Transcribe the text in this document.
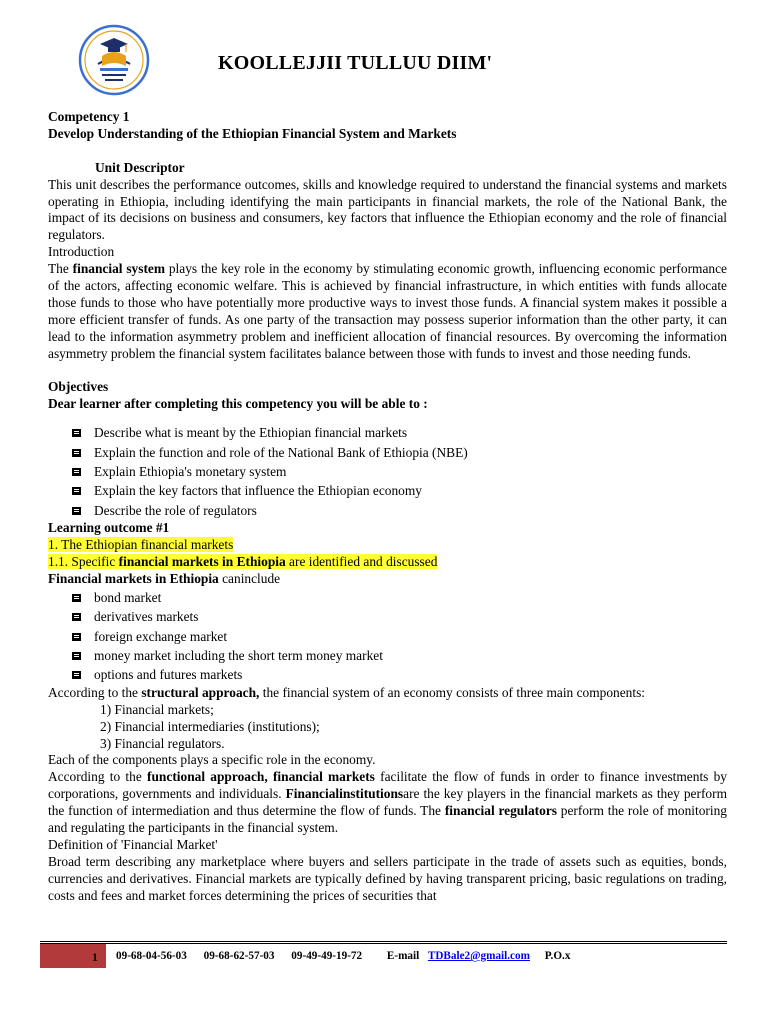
KOOLLEJJII TULLUU DIIM'

Competency 1

Develop Understanding of the Ethiopian Financial System and Markets

Unit Descriptor

This unit describes the performance outcomes, skills and knowledge required to understand the financial systems and markets operating in Ethiopia, including identifying the main participants in financial markets, the role of the National Bank, the impact of its decisions on business and consumers, key factors that influence the Ethiopian economy and the role of financial regulators.

Introduction

The financial system plays the key role in the economy by stimulating economic growth, influencing economic performance of the actors, affecting economic welfare. This is achieved by financial infrastructure, in which entities with funds allocate those funds to those who have potentially more productive ways to invest those funds. A financial system makes it possible a more efficient transfer of funds. As one party of the transaction may possess superior information than the other party, it can lead to the information asymmetry problem and inefficient allocation of financial resources. By overcoming the information asymmetry problem the financial system facilitates balance between those with funds to invest and those needing funds.

Objectives

Dear learner after completing this competency you will be able to :

Describe what is meant by the Ethiopian financial markets
Explain the function and role of the National Bank of Ethiopia (NBE)
Explain Ethiopia's monetary system
Explain the key factors that influence the Ethiopian economy
Describe the role of regulators

Learning outcome #1

1. The Ethiopian financial markets

1.1. Specific financial markets in Ethiopia are identified and discussed

Financial markets in Ethiopia caninclude

bond market
derivatives markets
foreign exchange market
money market including the short term money market
options and futures markets

According to the structural approach, the financial system of an economy consists of three main components:

1) Financial markets;

2) Financial intermediaries (institutions);

3) Financial regulators.

Each of the components plays a specific role in the economy.

According to the functional approach, financial markets facilitate the flow of funds in order to finance investments by corporations, governments and individuals. Financialinstitutionsare the key players in the financial markets as they perform the function of intermediation and thus determine the flow of funds. The financial regulators perform the role of monitoring and regulating the participants in the financial system.

Definition of 'Financial Market'

Broad term describing any marketplace where buyers and sellers participate in the trade of assets such as equities, bonds, currencies and derivatives. Financial markets are typically defined by having transparent pricing, basic regulations on trading, costs and fees and market forces determining the prices of securities that

1 09-68-04-56-03 09-68-62-57-03 09-49-49-19-72 E-mail TDBale2@gmail.com P.O.x
